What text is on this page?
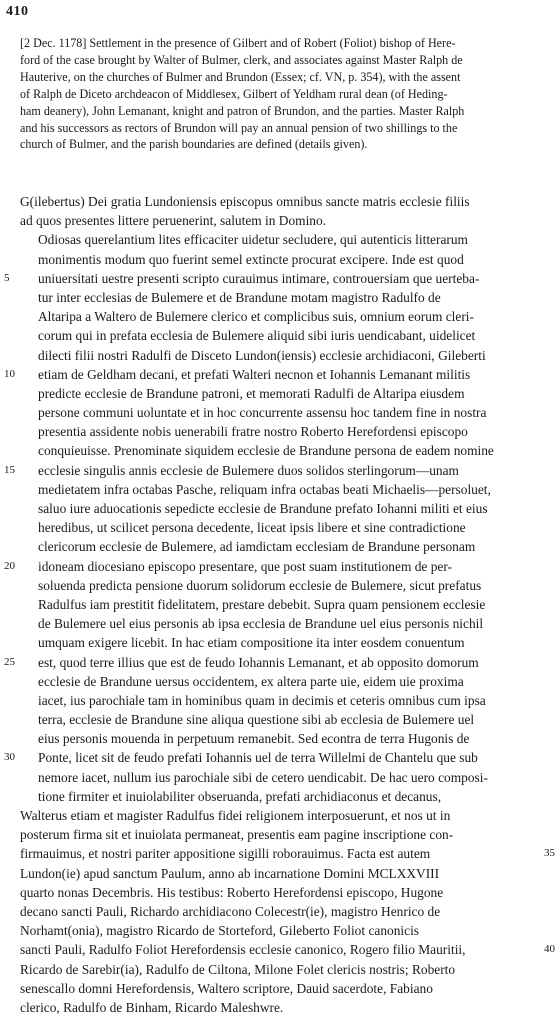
410
[2 Dec. 1178] Settlement in the presence of Gilbert and of Robert (Foliot) bishop of Here-
ford of the case brought by Walter of Bulmer, clerk, and associates against Master Ralph de
Hauterive, on the churches of Bulmer and Brundon (Essex; cf. VN, p. 354), with the assent
of Ralph de Diceto archdeacon of Middlesex, Gilbert of Yeldham rural dean (of Heding-
ham deanery), John Lemanant, knight and patron of Brundon, and the parties. Master Ralph
and his successors as rectors of Brundon will pay an annual pension of two shillings to the
church of Bulmer, and the parish boundaries are defined (details given).
G(ilebertus) Dei gratia Lundoniensis episcopus omnibus sancte matris ecclesie filiis
ad quos presentes littere peruenerint, salutem in Domino.
Odiosas querelantium lites efficaciter uidetur secludere, qui autenticis litterarum
monimentis modum quo fuerint semel extincte procurat excipere. Inde est quod
5 uniuersitati uestre presenti scripto curauimus intimare, controuersiam que uerteba-
tur inter ecclesias de Bulemere et de Brandune motam magistro Radulfo de
Altaripa a Waltero de Bulemere clerico et complicibus suis, omnium eorum cleri-
corum qui in prefata ecclesia de Bulemere aliquid sibi iuris uendicabant, uidelicet
dilecti filii nostri Radulfi de Disceto Lundon(iensis) ecclesie archidiaconi, Gileberti
10 etiam de Geldham decani, et prefati Walteri necnon et Iohannis Lemanant militis
predicte ecclesie de Brandune patroni, et memorati Radulfi de Altaripa eiusdem
persone communi uoluntate et in hoc concurrente assensu hoc tandem fine in nostra
presentia assidente nobis uenerabili fratre nostro Roberto Herefordensi episcopo
conquieuisse. Prenominate siquidem ecclesie de Brandune persona de eadem nomine
15 ecclesie singulis annis ecclesie de Bulemere duos solidos sterlingorum—unam
medietatem infra octabas Pasche, reliquam infra octabas beati Michaelis—persoluet,
saluo iure aduocationis sepedicte ecclesie de Brandune prefato Iohanni militi et eius
heredibus, ut scilicet persona decedente, liceat ipsis libere et sine contradictione
clericorum ecclesie de Bulemere, ad iamdictam ecclesiam de Brandune personam
20 idoneam diocesiano episcopo presentare, que post suam institutionem de per-
soluenda predicta pensione duorum solidorum ecclesie de Bulemere, sicut prefatus
Radulfus iam prestitit fidelitatem, prestare debebit. Supra quam pensionem ecclesie
de Bulemere uel eius personis ab ipsa ecclesia de Brandune uel eius personis nichil
umquam exigere licebit. In hac etiam compositione ita inter eosdem conuentum
25 est, quod terre illius que est de feudo Iohannis Lemanant, et ab opposito domorum
ecclesie de Brandune uersus occidentem, ex altera parte uie, eidem uie proxima
iacet, ius parochiale tam in hominibus quam in decimis et ceteris omnibus cum ipsa
terra, ecclesie de Brandune sine aliqua questione sibi ab ecclesia de Bulemere uel
eius personis mouenda in perpetuum remanebit. Sed econtra de terra Hugonis de
30 Ponte, licet sit de feudo prefati Iohannis uel de terra Willelmi de Chantelu que sub
nemore iacet, nullum ius parochiale sibi de cetero uendicabit. De hac uero composi-
tione firmiter et inuiolabiliter obseruanda, prefati archidiaconus et decanus,
Walterus etiam et magister Radulfus fidei religionem interposuerunt, et nos ut in
posterum firma sit et inuiolata permaneat, presentis eam pagine inscriptione con-
firmauimus, et nostri pariter appositione sigilli roborauimus. Facta est autem	35
Lundon(ie) apud sanctum Paulum, anno ab incarnatione Domini MCLXXVIII
quarto nonas Decembris. His testibus: Roberto Herefordensi episcopo, Hugone
decano sancti Pauli, Richardo archidiacono Colecestr(ie), magistro Henrico de
Norhamt(onia), magistro Ricardo de Storteford, Gileberto Foliot canonicis
sancti Pauli, Radulfo Foliot Herefordensis ecclesie canonico, Rogero filio Mauritii,	40
Ricardo de Sarebir(ia), Radulfo de Ciltona, Milone Folet clericis nostris; Roberto
senescallo domni Herefordensis, Waltero scriptore, Dauid sacerdote, Fabiano
clerico, Radulfo de Binham, Ricardo Maleshwre.
